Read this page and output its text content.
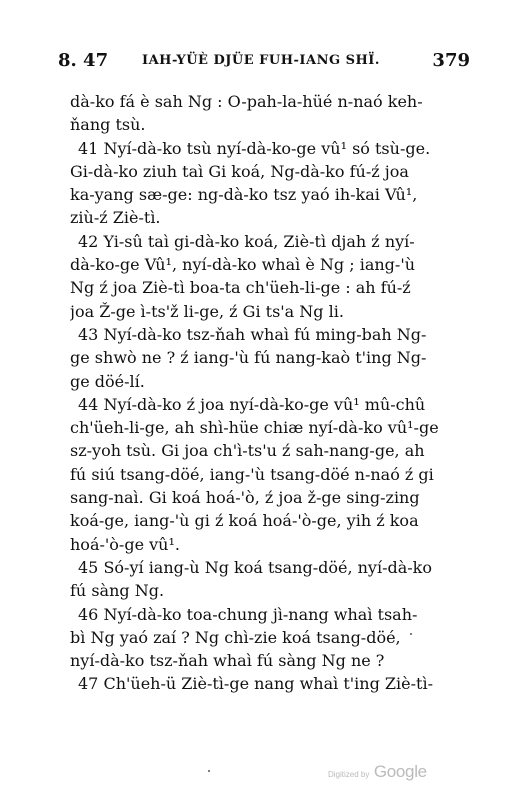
8. 47	IAH-YÜÈ DJÜE FUH-IANG SHÏ.	379
dà-ko fá è sah Ng : O-pah-la-hüé n-naó keh-
ňang tsù.
41 Nyí-dà-ko tsù nyí-dà-ko-ge vû¹ só tsù-ge.
Gi-dà-ko ziuh taì Gi koá, Ng-dà-ko fú-ź joa
ka-yang sæ-ge: ng-dà-ko tsz yaó ih-kai Vû¹,
ziù-ź Ziè-tì.
42 Yi-sû taì gi-dà-ko koá, Ziè-tì djah ź nyí-
dà-ko-ge Vû¹, nyí-dà-ko whaì è Ng ; iang-'ù
Ng ź joa Ziè-tì boa-ta ch'üeh-li-ge : ah fú-ź
joa Ž-ge ì-ts'ž li-ge, ź Gi ts'a Ng li.
43 Nyí-dà-ko tsz-ňah whaì fú ming-bah Ng-
ge shwò ne ? ź iang-'ù fú nang-kaò t'ing Ng-
ge döé-lí.
44 Nyí-dà-ko ź joa nyí-dà-ko-ge vû¹ mû-chû
ch'üeh-li-ge, ah shì-hüe chiæ nyí-dà-ko vû¹-ge
sz-yoh tsù. Gi joa ch'ì-ts'u ź sah-nang-ge, ah
fú siú tsang-döé, iang-'ù tsang-döé n-naó ź gi
sang-naì. Gi koá hoá-'ò, ź joa ž-ge sing-zing
koá-ge, iang-'ù gi ź koá hoá-'ò-ge, yih ź koa
hoá-'ò-ge vû¹.
45 Só-yí iang-ù Ng koá tsang-döé, nyí-dà-ko
fú sàng Ng.
46 Nyí-dà-ko toa-chung jì-nang whaì tsah-
bì Ng yaó zaí ? Ng chì-zie koá tsang-döé,
nyí-dà-ko tsz-ňah whaì fú sàng Ng ne ?
47 Ch'üeh-ü Ziè-tì-ge nang whaì t'ing Ziè-tì-
Digitized by Google
